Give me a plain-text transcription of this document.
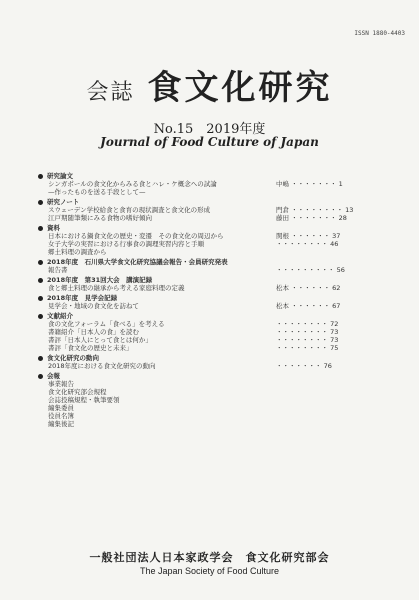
ISSN 1880-4403
会誌 食文化研究
No.15　2019年度
Journal of Food Culture of Japan
研究論文
シンガポールの食文化からみる食とハレ・ケ概念への試論	中嶋 ・・・・・・・ 1
—作ったものを送る手段として—
研究ノート
スウェーデン学校給食と食育の現状調査と食文化の形成	門倉 ・・・・・・・・ 13
江戸期随筆類にみる食物の嗜好傾向	藤田 ・・・・・・・ 28
資料
日本における鍋食文化の歴史・変遷　その食文化の周辺から	関根 ・・・・・・ 37
女子大学の実習における行事食の調理実習内容と手順	・・・・・・・・ 46
郷土料理の調査から
2018年度　石川県大学食文化研究協議会報告・会員研究発表
報告書	・・・・・・・・・ 56
2018年度　第31回大会　講演記録
食と郷土料理の継承から考える家庭料理の定義	松本 ・・・・・・ 62
2018年度　見学会記録
見学会・地域の食文化を訪ねて	松本 ・・・・・・ 67
文献紹介
食の文化フォーラム「食べる」を考える	・・・・・・・・ 72
書籍紹介「日本人の食」を読む	・・・・・・・・ 73
書評「日本人にとって食とは何か」	・・・・・・・・ 73
書評「食文化の歴史と未来」	・・・・・・・・ 75
食文化研究の動向
2018年度における食文化研究の動向	・・・・・・・ 76
会報
事業報告
食文化研究部会規程
会誌投稿規程・執筆要領
編集委員
役員名簿
編集後記
一般社団法人日本家政学会　食文化研究部会
The Japan Society of Food Culture
